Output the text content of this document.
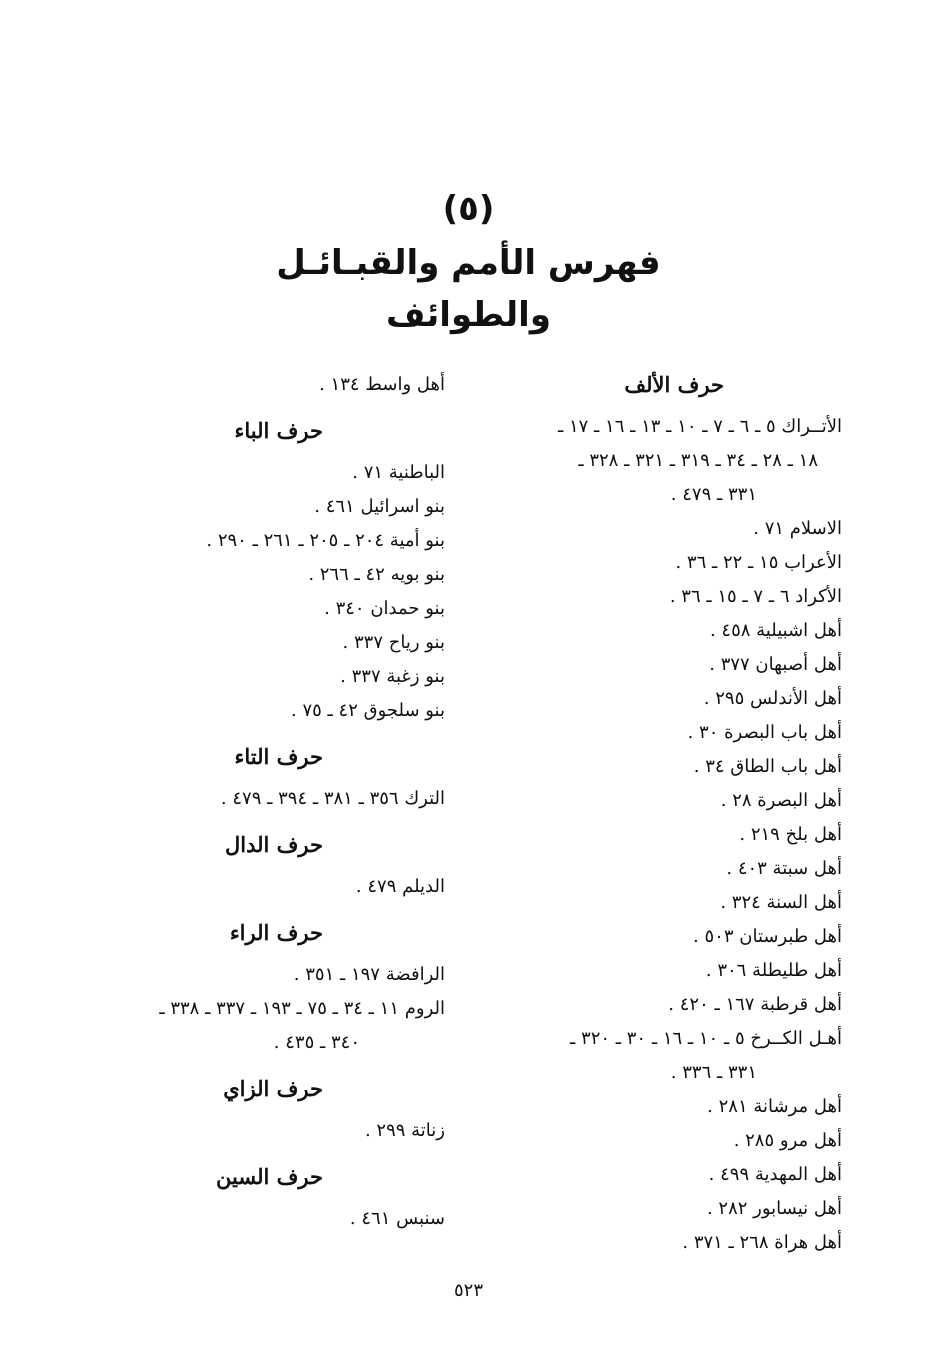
(٥)
فهرس الأمم والقبـائـل
والطوائف
حرف الألف
الأتــراك ٥ ـ ٦ ـ ٧ ـ ١٠ ـ ١٣ ـ ١٦ ـ ١٧ ـ
١٨ ـ ٢٨ ـ ٣٤ ـ ٣١٩ ـ ٣٢١ ـ ٣٢٨ ـ
٣٣١ ـ ٤٧٩ .
الاسلام ٧١ .
الأعراب ١٥ ـ ٢٢ ـ ٣٦ .
الأكراد ٦ ـ ٧ ـ ١٥ ـ ٣٦ .
أهل اشبيلية ٤٥٨ .
أهل أصبهان ٣٧٧ .
أهل الأندلس ٢٩٥ .
أهل باب البصرة ٣٠ .
أهل باب الطاق ٣٤ .
أهل البصرة ٢٨ .
أهل بلخ ٢١٩ .
أهل سبتة ٤٠٣ .
أهل السنة ٣٢٤ .
أهل طبرستان ٥٠٣ .
أهل طليطلة ٣٠٦ .
أهل قرطبة ١٦٧ ـ ٤٢٠ .
أهـل الكــرخ ٥ ـ ١٠ ـ ١٦ ـ ٣٠ ـ ٣٢٠ ـ
٣٣١ ـ ٣٣٦ .
أهل مرشانة ٢٨١ .
أهل مرو ٢٨٥ .
أهل المهدية ٤٩٩ .
أهل نيسابور ٢٨٢ .
أهل هراة ٢٦٨ ـ ٣٧١ .
أهل واسط ١٣٤ .
حرف الباء
الباطنية ٧١ .
بنو اسرائيل ٤٦١ .
بنو أمية ٢٠٤ ـ ٢٠٥ ـ ٢٦١ ـ ٢٩٠ .
بنو بويه ٤٢ ـ ٢٦٦ .
بنو حمدان ٣٤٠ .
بنو رياح ٣٣٧ .
بنو زغبة ٣٣٧ .
بنو سلجوق ٤٢ ـ ٧٥ .
حرف التاء
الترك ٣٥٦ ـ ٣٨١ ـ ٣٩٤ ـ ٤٧٩ .
حرف الدال
الديلم ٤٧٩ .
حرف الراء
الرافضة ١٩٧ ـ ٣٥١ .
الروم ١١ ـ ٣٤ ـ ٧٥ ـ ١٩٣ ـ ٣٣٧ ـ ٣٣٨ ـ
٣٤٠ ـ ٤٣٥ .
حرف الزاي
زناتة ٢٩٩ .
حرف السين
سنبس ٤٦١ .
٥٢٣
